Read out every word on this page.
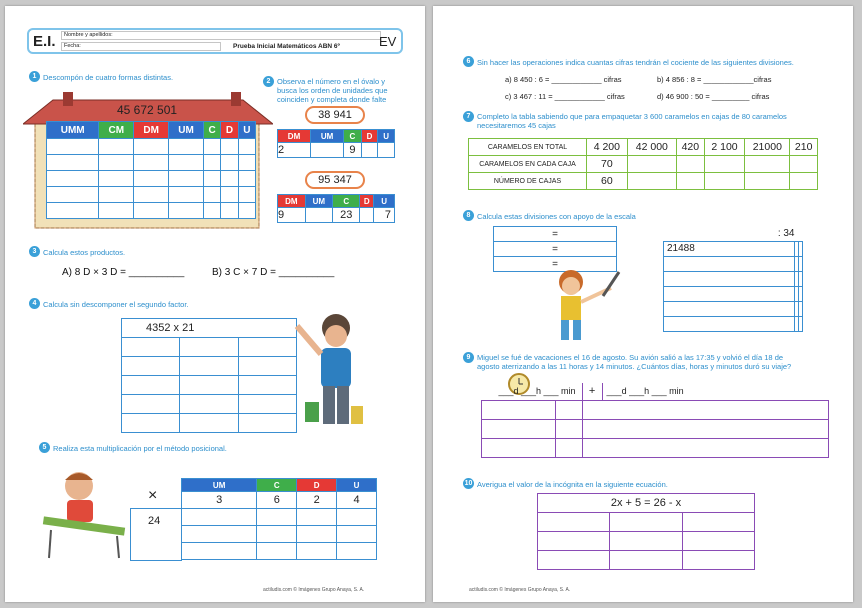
E.I.	Nombre y apellidos:
Fecha:	Prueba Inicial Matemáticos ABN 6º	EV
1 Descompón de cuatro formas distintas.
45 672 501
UMM	CM	DM	UM	C	D	U

2 Observa el número en el óvalo y
busca los orden de unidades que
coinciden y completa donde falte
38 941
DM	UM	C	D	U
2		9		
95 347
DM	UM	C	D	U
9		23		7
3 Calcula estos productos.
A) 8 D × 3 D = __________	B) 3 C × 7 D = __________
4 Calcula sin descomponer el segundo factor.
4352 x 21		

5 Realiza esta multiplicación por el método posicional.
×
UM	C	D	U
3	6	2	4

24
actiludis.com © Imágenes Grupo Anaya, S. A.
6 Sin hacer las operaciones indica cuantas cifras tendrán el cociente de las siguientes divisiones.
a) 8 450 : 6 = ____________ cifras	b) 4 856 : 8 = ____________cifras
c) 3 467 : 11 = ____________ cifras	d) 46 900 : 50 = _________ cifras
7 Completo la tabla sabiendo que para empaquetar 3 600 caramelos en cajas de 80 caramelos
necesitaremos 45 cajas
CARAMELOS EN TOTAL	4 200	42 000	420	2 100	21000	210
CARAMELOS EN CADA CAJA	70					
NÚMERO DE CAJAS	60					
8 Calcula estas divisiones con apoyo de la escala
=
=
=
: 34		
21488		

9 Miguel se fué de vacaciones el 16 de agosto. Su avión salió a las 17:35 y volvió el día 18 de
agosto aterrizando a las 11 horas y 14 minutos. ¿Cuántos días, horas y minutos duró su viaje?
___d ___h ___ min		+	___d ___h ___ min

10 Averigua el valor de la incógnita en la siguiente ecuación.
2x + 5 = 26 - x		

actiludis.com © Imágenes Grupo Anaya, S. A.
